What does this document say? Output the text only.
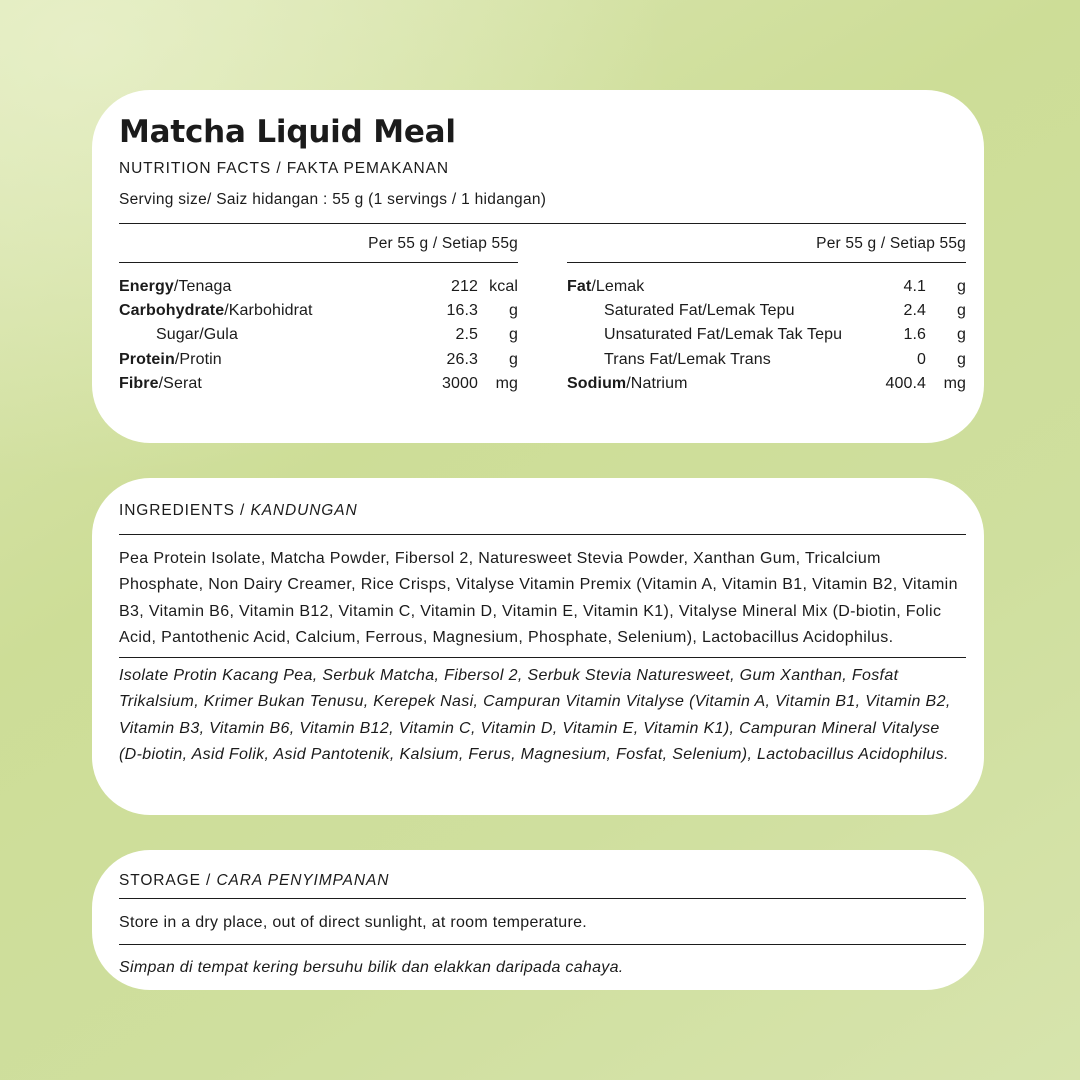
Matcha Liquid Meal
NUTRITION FACTS / FAKTA PEMAKANAN
Serving size/ Saiz hidangan : 55 g (1 servings / 1 hidangan)
Per 55 g / Setiap 55g
Energy/Tenaga	212 kcal
Carbohydrate/Karbohidrat	16.3	g
Sugar/Gula	2.5	g
Protein/Protin	26.3	g
Fibre/Serat	3000	mg
Per 55 g / Setiap 55g
Fat/Lemak	4.1	g
Saturated Fat/Lemak Tepu	2.4	g
Unsaturated Fat/Lemak Tak Tepu	1.6	g
Trans Fat/Lemak Trans	0	g
Sodium/Natrium	400.4	mg
INGREDIENTS / KANDUNGAN
Pea Protein Isolate, Matcha Powder, Fibersol 2, Naturesweet Stevia Powder, Xanthan Gum, Tricalcium Phosphate, Non Dairy Creamer, Rice Crisps, Vitalyse Vitamin Premix (Vitamin A, Vitamin B1, Vitamin B2, Vitamin B3, Vitamin B6, Vitamin B12, Vitamin C, Vitamin D, Vitamin E, Vitamin K1), Vitalyse Mineral Mix (D-biotin, Folic Acid, Pantothenic Acid, Calcium, Ferrous, Magnesium, Phosphate, Selenium), Lactobacillus Acidophilus.
Isolate Protin Kacang Pea, Serbuk Matcha, Fibersol 2, Serbuk Stevia Naturesweet, Gum Xanthan, Fosfat Trikalsium, Krimer Bukan Tenusu, Kerepek Nasi, Campuran Vitamin Vitalyse (Vitamin A, Vitamin B1, Vitamin B2, Vitamin B3, Vitamin B6, Vitamin B12, Vitamin C, Vitamin D, Vitamin E, Vitamin K1), Campuran Mineral Vitalyse (D-biotin, Asid Folik, Asid Pantotenik, Kalsium, Ferus, Magnesium, Fosfat, Selenium), Lactobacillus Acidophilus.
STORAGE / CARA PENYIMPANAN
Store in a dry place, out of direct sunlight, at room temperature.
Simpan di tempat kering bersuhu bilik dan elakkan daripada cahaya.
